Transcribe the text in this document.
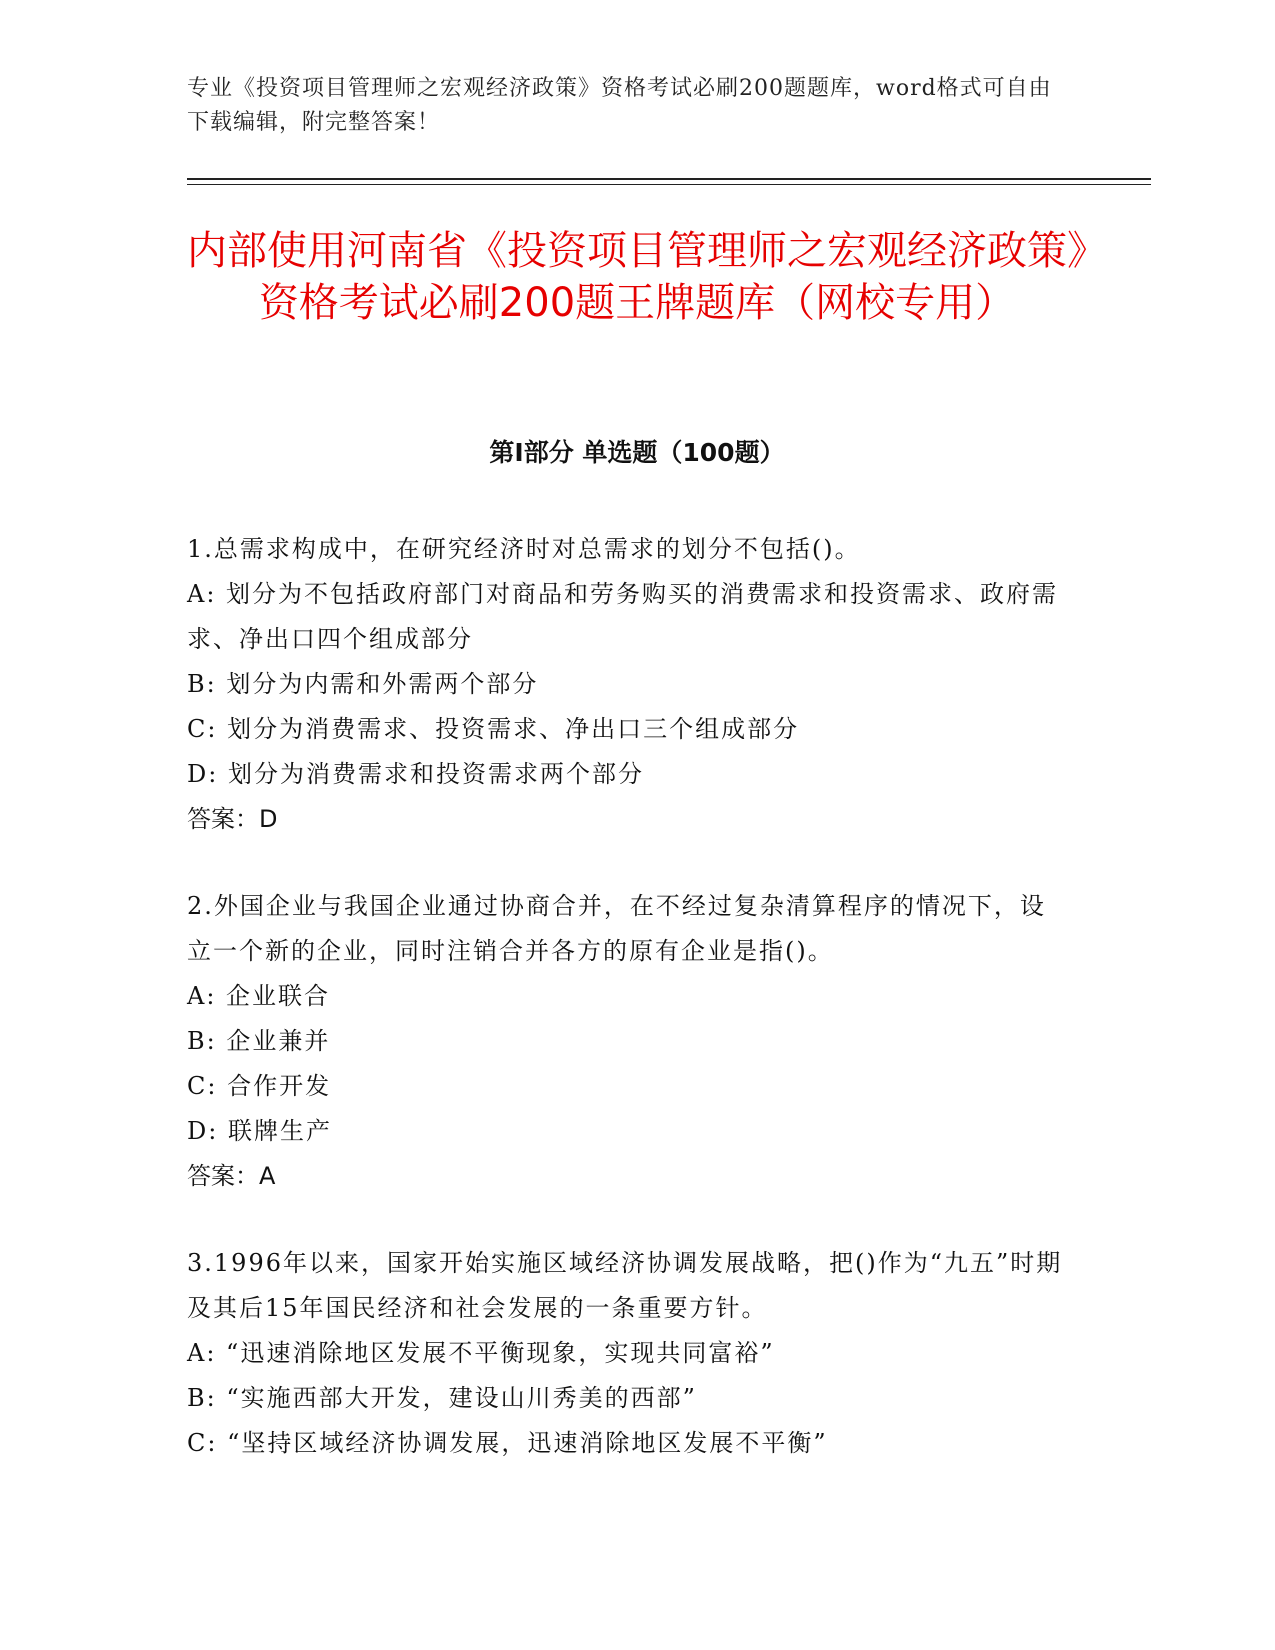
专业《投资项目管理师之宏观经济政策》资格考试必刷200题题库，word格式可自由下载编辑，附完整答案！
内部使用河南省《投资项目管理师之宏观经济政策》资格考试必刷200题王牌题库（网校专用）
第Ⅰ部分 单选题（100题）
1.总需求构成中，在研究经济时对总需求的划分不包括()。
A: 划分为不包括政府部门对商品和劳务购买的消费需求和投资需求、政府需求、净出口四个组成部分
B: 划分为内需和外需两个部分
C: 划分为消费需求、投资需求、净出口三个组成部分
D: 划分为消费需求和投资需求两个部分
答案：D
2.外国企业与我国企业通过协商合并，在不经过复杂清算程序的情况下，设立一个新的企业，同时注销合并各方的原有企业是指()。
A: 企业联合
B: 企业兼并
C: 合作开发
D: 联牌生产
答案：A
3.1996年以来，国家开始实施区域经济协调发展战略，把()作为“九五”时期及其后15年国民经济和社会发展的一条重要方针。
A: “迅速消除地区发展不平衡现象，实现共同富裕”
B: “实施西部大开发，建设山川秀美的西部”
C: “坚持区域经济协调发展，迅速消除地区发展不平衡”
